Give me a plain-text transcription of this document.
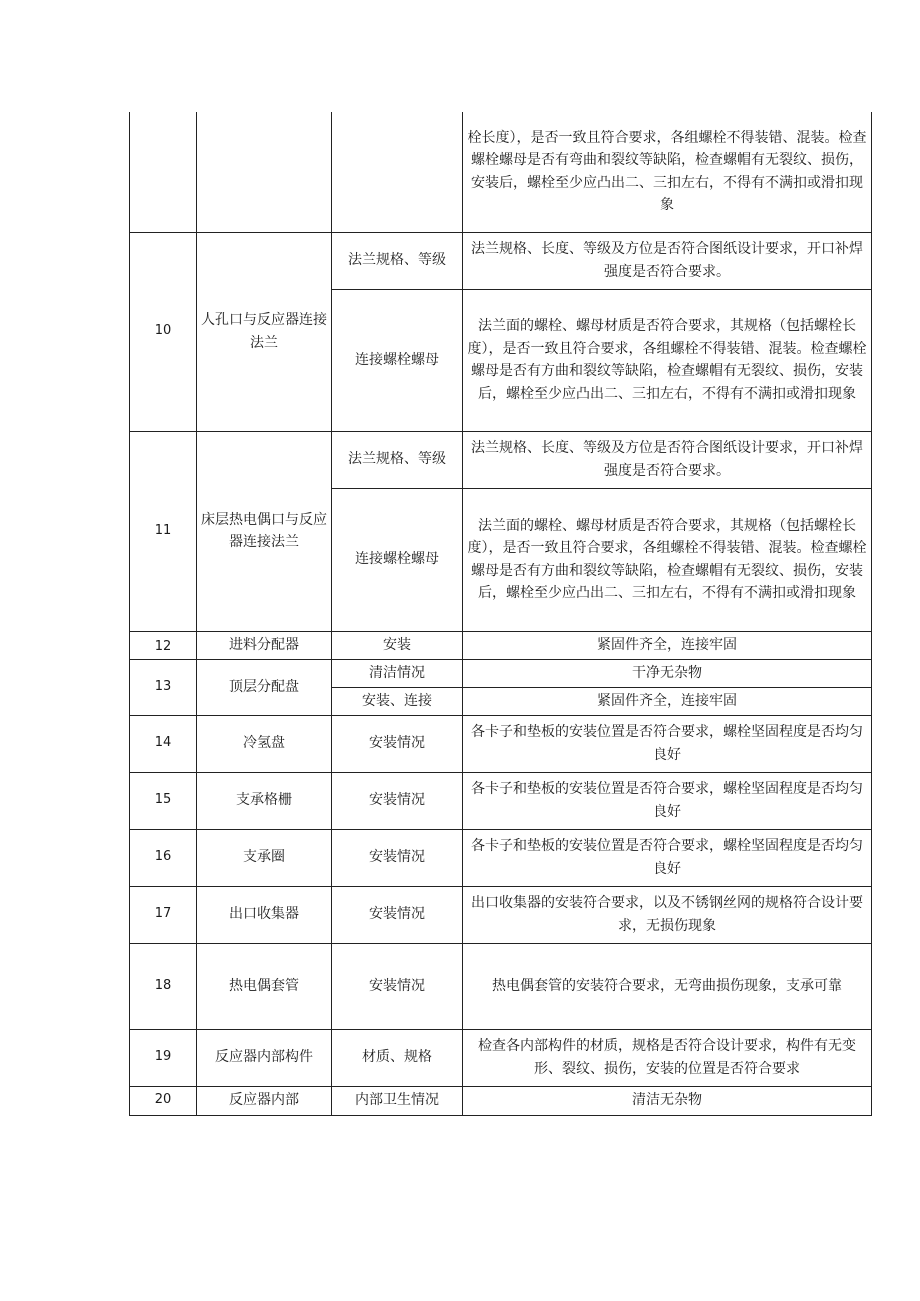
			栓长度），是否一致且符合要求，各组螺栓不得装错、混装。检查螺栓螺母是否有弯曲和裂纹等缺陷，检查螺帽有无裂纹、损伤，安装后，螺栓至少应凸出二、三扣左右，不得有不满扣或滑扣现象
10	人孔口与反应器连接法兰	法兰规格、等级	法兰规格、长度、等级及方位是否符合图纸设计要求，开口补焊强度是否符合要求。
		连接螺栓螺母	法兰面的螺栓、螺母材质是否符合要求，其规格（包括螺栓长度），是否一致且符合要求，各组螺栓不得装错、混装。检查螺栓螺母是否有方曲和裂纹等缺陷，检查螺帽有无裂纹、损伤，安装后，螺栓至少应凸出二、三扣左右，不得有不满扣或滑扣现象
11	床层热电偶口与反应器连接法兰	法兰规格、等级	法兰规格、长度、等级及方位是否符合图纸设计要求，开口补焊强度是否符合要求。
		连接螺栓螺母	法兰面的螺栓、螺母材质是否符合要求，其规格（包括螺栓长度），是否一致且符合要求，各组螺栓不得装错、混装。检查螺栓螺母是否有方曲和裂纹等缺陷，检查螺帽有无裂纹、损伤，安装后，螺栓至少应凸出二、三扣左右，不得有不满扣或滑扣现象
12	进料分配器	安装	紧固件齐全，连接牢固
13	顶层分配盘	清洁情况	干净无杂物
		安装、连接	紧固件齐全，连接牢固
14	冷氢盘	安装情况	各卡子和垫板的安装位置是否符合要求，螺栓坚固程度是否均匀良好
15	支承格栅	安装情况	各卡子和垫板的安装位置是否符合要求，螺栓坚固程度是否均匀良好
16	支承圈	安装情况	各卡子和垫板的安装位置是否符合要求，螺栓坚固程度是否均匀良好
17	出口收集器	安装情况	出口收集器的安装符合要求，以及不锈钢丝网的规格符合设计要求，无损伤现象
18	热电偶套管	安装情况	热电偶套管的安装符合要求，无弯曲损伤现象，支承可靠
19	反应器内部构件	材质、规格	检查各内部构件的材质，规格是否符合设计要求，构件有无变形、裂纹、损伤，安装的位置是否符合要求
20	反应器内部	内部卫生情况	清洁无杂物
